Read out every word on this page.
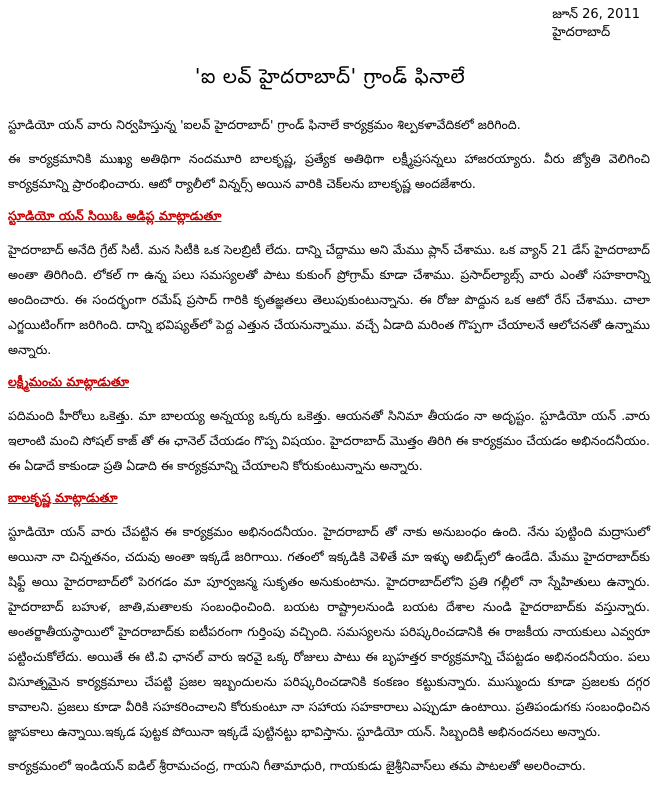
జూన్ 26, 2011
హైదరాబాద్
'ఐ లవ్ హైదరాబాద్' గ్రాండ్ ఫినాలే

స్టూడియో యన్ వారు నిర్వహిస్తున్న 'ఐలవ్ హైదరాబాద్' గ్రాండ్ ఫినాలే కార్యక్రమం శిల్పకళావేదికలో జరిగింది.

ఈ కార్యక్రమానికి ముఖ్య అతిథిగా నందమూరి బాలకృష్ణ, ప్రత్యేక అతిథిగా లక్ష్మీప్రసన్నలు హాజరయ్యారు. వీరు జ్యోతి వెలిగించి కార్యక్రమాన్ని ప్రారంభించారు. ఆటో ర్యాలీలో విన్నర్స్ అయిన వారికి చెక్‌లను బాలకృష్ణ అందజేశారు.

స్టూడియో యన్ సియిఓ అడిప్ల మాట్లాడుతూ

హైదరాబాద్ అనేది గ్రేట్ సిటీ. మన సిటీకి ఒక సెలబ్రిటీ లేదు. దాన్ని చేద్దాము అని మేము ప్లాన్ చేశాము. ఒక వ్యాన్ 21 డేస్ హైదరాబాద్ అంతా తిరిగింది. లోకల్ గా ఉన్న పలు సమస్యలతో పాటు కుకుంగ్ ప్రోగ్రామ్ కూడా చేశాము. ప్రసాద్‌ల్యాబ్స్ వారు ఎంతో సహకారాన్ని అందించారు. ఈ సందర్భంగా రమేష్ ప్రసాద్ గారికి కృతజ్ఞతలు తెలుపుకుంటున్నాను. ఈ రోజు పొద్దున ఒక ఆటో రేస్ చేశాము. చాలా ఎగ్జయిటింగ్‌గా జరిగింది. దాన్ని భవిష్యత్‌లో పెద్ద ఎత్తున చేయనున్నాము. వచ్చే ఏడాది మరింత గొప్పగా చేయాలనే ఆలోచనతో ఉన్నాము అన్నారు.

లక్ష్మీమంచు మాట్లాడుతూ

పదిమంది హీరోలు ఒకెత్తు. మా బాలయ్య అన్నయ్య ఒక్కరు ఒకెత్తు. ఆయనతో సినిమా తీయడం నా అదృష్టం. స్టూడియో యన్ .వారు ఇలాంటి మంచి సోషల్ కాజ్ తో ఈ ఛానెల్ చేయడం గొప్ప విషయం. హైదరాబాద్ మొత్తం తిరిగి ఈ కార్యక్రమం చేయడం అభినందనీయం. ఈ ఏడాదే కాకుండా ప్రతి ఏడాది ఈ కార్యక్రమాన్ని చేయాలని కోరుకుంటున్నాను అన్నారు.

బాలకృష్ణ మాట్లాడుతూ

స్టూడియో యన్ వారు చేపట్టిన ఈ కార్యక్రమం అభినందనీయం. హైదరాబాద్ తో నాకు అనుబంధం ఉంది. నేను పుట్టింది మద్రాసులో అయినా నా చిన్నతనం, చదువు అంతా ఇక్కడే జరిగాయి. గతంలో ఇక్కడికి వెళితే మా ఇళ్ళు అబిడ్స్‌లో ఉండేది. మేము హైదరాబాద్‌కు షిఫ్ట్ అయి హైదరాబాద్‌లో పెరగడం మా పూర్వజన్మ సుకృతం అనుకుంటాను. హైదరాబాద్‌లోని ప్రతి గల్లీలో నా స్నేహితులు ఉన్నారు. హైదరాబాద్ బహుళ, జాతి,మతాలకు సంబంధించింది. బయట రాష్ట్రాలనుండి బయట దేశాల నుండి హైదరాబాద్‌కు వస్తున్నారు. అంతర్జాతీయస్థాయిలో హైదరాబాద్‌కు ఐటీపరంగా గుర్తింపు వచ్చింది. సమస్యలను పరిష్కరించడానికి ఈ రాజకీయ నాయకులు ఎవ్వరూ పట్టించుకోలేదు. అయితే ఈ టి.వి ఛానల్ వారు ఇరవై ఒక్క రోజులు పాటు ఈ బృహత్తర కార్యక్రమాన్ని చేపట్టడం అభినందనీయం. పలు విసూత్నమైన కార్యక్రమాలు చేపట్టి ప్రజల ఇబ్బందులను పరిష్కరించడానికి కంకణం కట్టుకున్నారు. ముస్ముందు కూడా ప్రజలకు దగ్గర కావాలని. ప్రజలు కూడా వీరికి సహకరించాలని కోరుకుంటూ నా సహాయ సహకారాలు ఎప్పుడూ ఉంటాయి. ప్రతిపండుగకు సంబంధించిన జ్ఞాపకాలు ఉన్నాయి.ఇక్కడ పుట్టక పోయినా ఇక్కడే పుట్టినట్టు భావిస్తాను. స్టూడియో యన్. సిబ్బందికి అభినందనలు అన్నారు.

కార్యక్రమంలో ఇండియన్ ఐడిల్ శ్రీరామచంద్ర, గాయని గీతామాధురి, గాయకుడు జైశ్రీనివాస్‌లు తమ పాటలతో అలరించారు.
